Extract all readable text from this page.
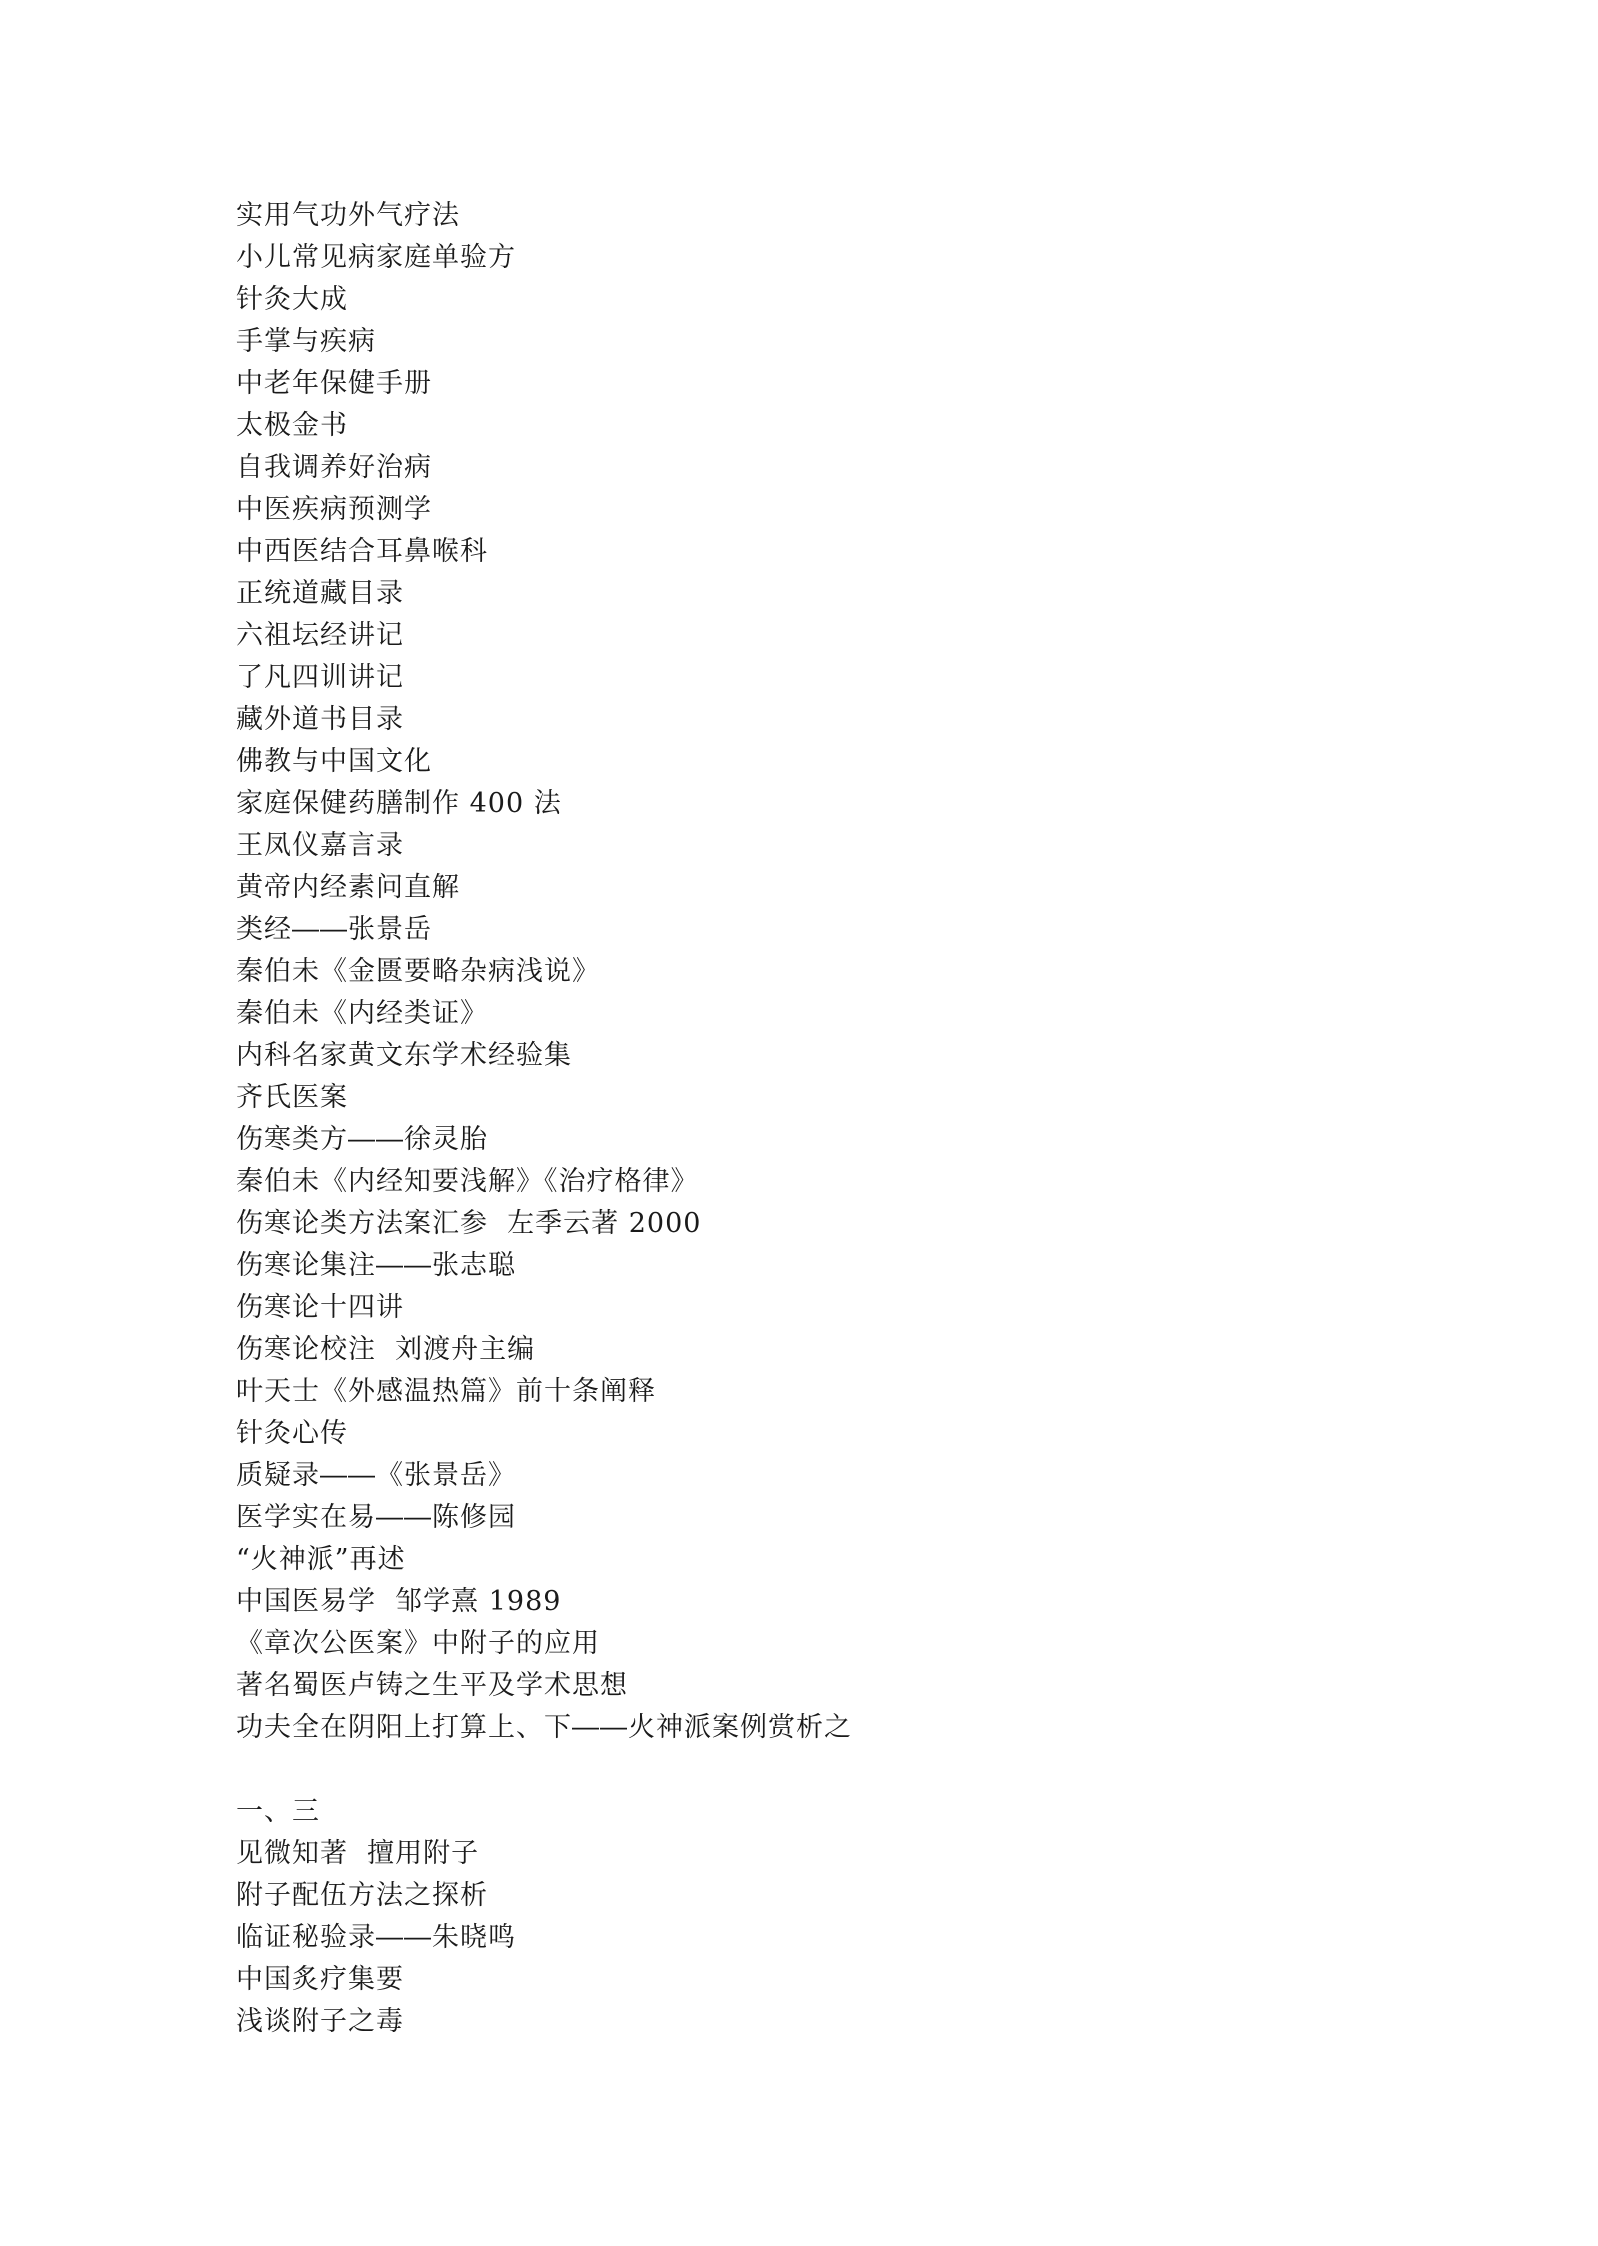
实用气功外气疗法
小儿常见病家庭单验方
针灸大成
手掌与疾病
中老年保健手册
太极金书
自我调养好治病
中医疾病预测学
中西医结合耳鼻喉科
正统道藏目录
六祖坛经讲记
了凡四训讲记
藏外道书目录
佛教与中国文化
家庭保健药膳制作 400 法
王凤仪嘉言录
黄帝内经素问直解
类经――张景岳
秦伯未《金匮要略杂病浅说》
秦伯未《内经类证》
内科名家黄文东学术经验集
齐氏医案
伤寒类方――徐灵胎
秦伯未《内经知要浅解》《治疗格律》
伤寒论类方法案汇参  左季云著 2000
伤寒论集注――张志聪
伤寒论十四讲
伤寒论校注  刘渡舟主编
叶天士《外感温热篇》前十条阐释
针灸心传
质疑录――《张景岳》
医学实在易――陈修园
“火神派”再述
中国医易学  邹学熹 1989
《章次公医案》中附子的应用
著名蜀医卢铸之生平及学术思想
功夫全在阴阳上打算上、下――火神派案例赏析之
一、三
见微知著  擅用附子
附子配伍方法之探析
临证秘验录――朱晓鸣
中国炙疗集要
浅谈附子之毒
